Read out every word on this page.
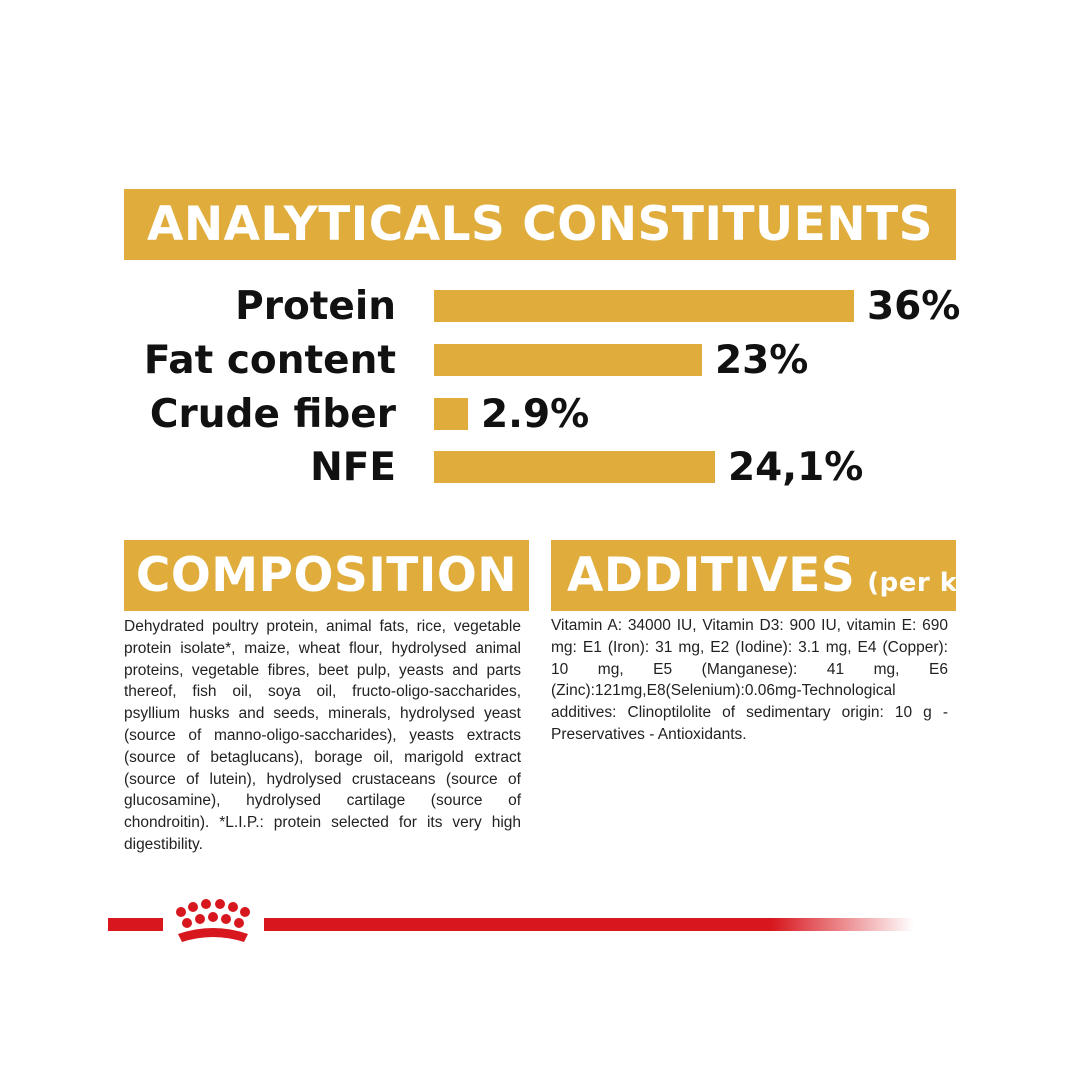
ANALYTICALS CONSTITUENTS
Protein	36%
Fat content	23%
Crude fiber 2.9%
NFE	24,1%
COMPOSITION ADDITIVES (per kg)
Dehydrated poultry protein, animal fats, rice, vegetable protein isolate*, maize, wheat flour, hydrolysed animal proteins, vegetable fibres, beet pulp, yeasts and parts thereof, fish oil, soya oil, fructo-oligo-saccharides, psyllium husks and seeds, minerals, hydrolysed yeast (source of manno-oligo-saccharides), yeasts extracts (source of betaglucans), borage oil, marigold extract (source of lutein), hydrolysed crustaceans (source of glucosamine), hydrolysed cartilage (source of chondroitin). *L.I.P.: protein selected for its very high digestibility.
Vitamin A: 34000 IU, Vitamin D3: 900 IU, vitamin E: 690 mg: E1 (Iron): 31 mg, E2 (Iodine): 3.1 mg, E4 (Copper): 10 mg, E5 (Manganese): 41 mg, E6 (Zinc):121mg,E8(Selenium):0.06mg-Technological additives: Clinoptilolite of sedimentary origin: 10 g - Preservatives - Antioxidants.
